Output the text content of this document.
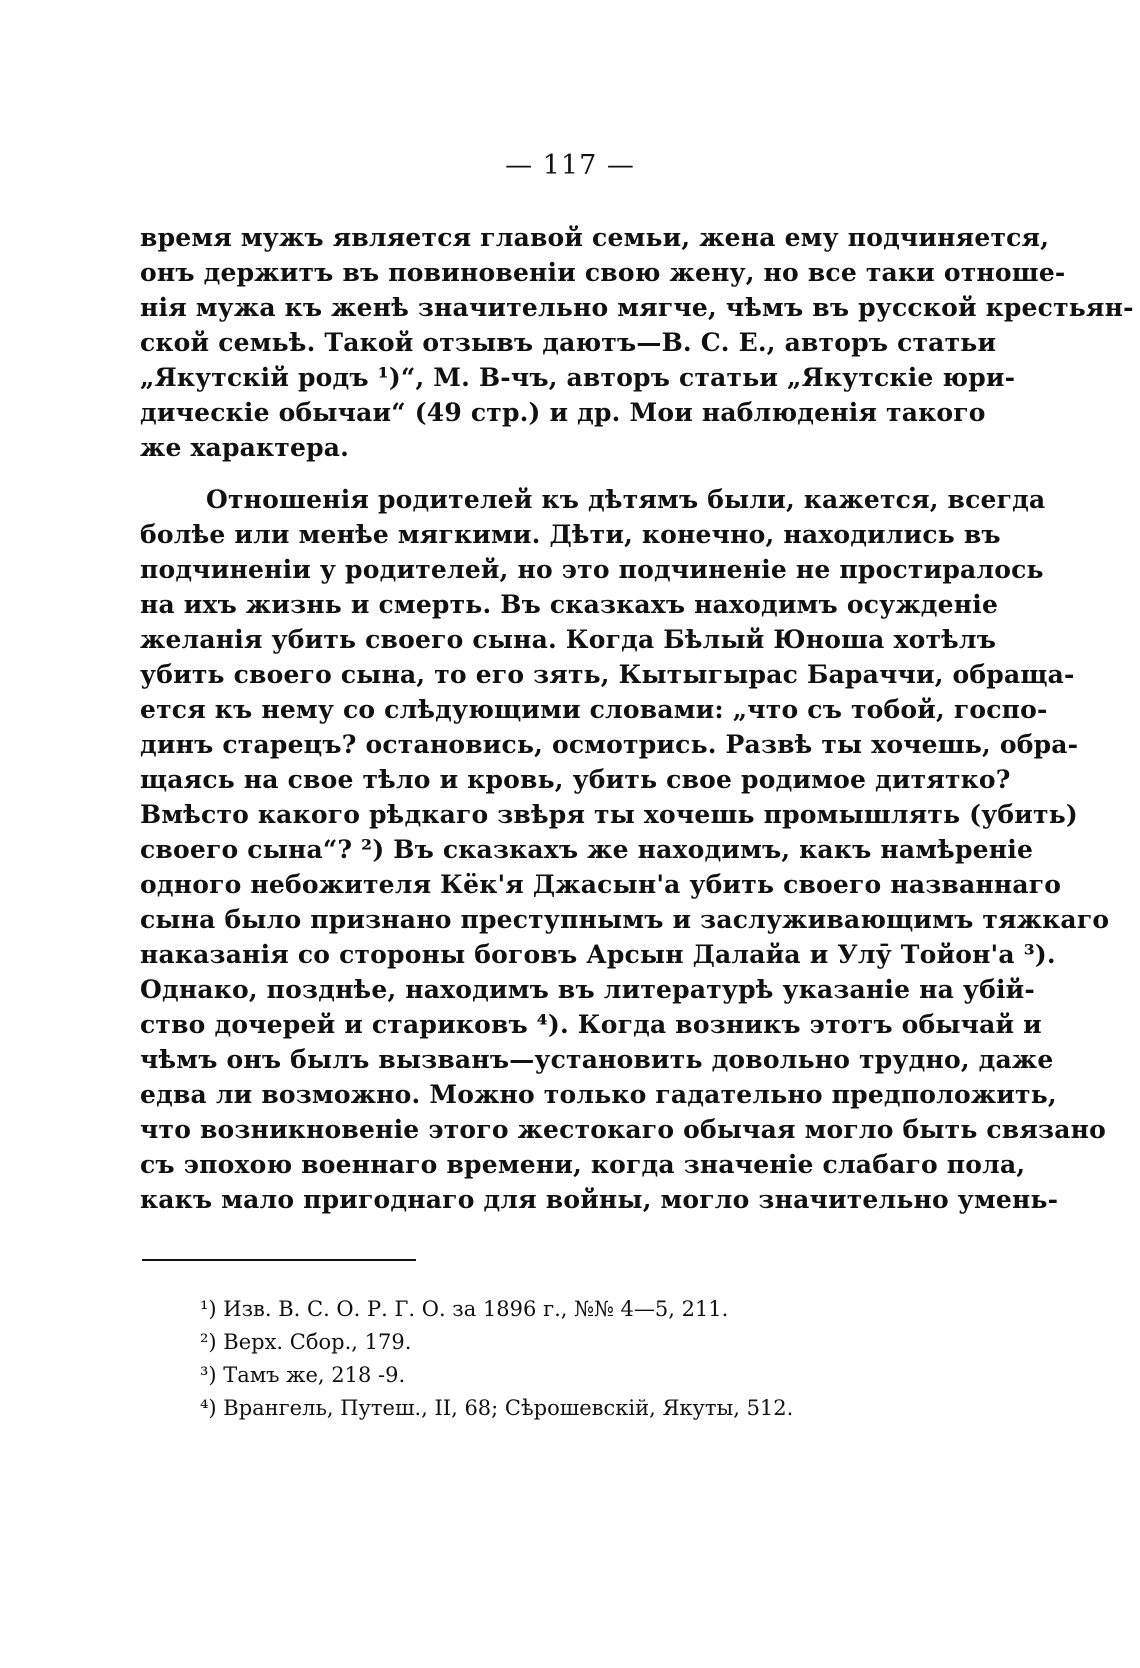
— 117 —
время мужъ является главой семьи, жена ему подчиняется,
онъ держитъ въ повиновеніи свою жену, но все таки отноше-
нія мужа къ женѣ значительно мягче, чѣмъ въ русской крестьян-
ской семьѣ. Такой отзывъ даютъ—В. С. Е., авторъ статьи
„Якутскій родъ ¹)“, М. В-чъ, авторъ статьи „Якутскіе юри-
дическіе обычаи“ (49 стр.) и др. Мои наблюденія такого
же характера.
Отношенія родителей къ дѣтямъ были, кажется, всегда
болѣе или менѣе мягкими. Дѣти, конечно, находились въ
подчиненіи у родителей, но это подчиненіе не простиралось
на ихъ жизнь и смерть. Въ сказкахъ находимъ осужденіе
желанія убить своего сына. Когда Бѣлый Юноша хотѣлъ
убить своего сына, то его зять, Кытыгырас Бараччи, обраща-
ется къ нему со слѣдующими словами: „что съ тобой, госпо-
динъ старецъ? остановись, осмотрись. Развѣ ты хочешь, обра-
щаясь на свое тѣло и кровь, убить свое родимое дитятко?
Вмѣсто какого рѣдкаго звѣря ты хочешь промышлять (убить)
своего сына“? ²) Въ сказкахъ же находимъ, какъ намѣреніе
одного небожителя Кёк'я Джасын'а убить своего названнаго
сына было признано преступнымъ и заслуживающимъ тяжкаго
наказанія со стороны боговъ Арсын Далайа и Улӯ Тойон'а ³).
Однако, позднѣе, находимъ въ литературѣ указаніе на убій-
ство дочерей и стариковъ ⁴). Когда возникъ этотъ обычай и
чѣмъ онъ былъ вызванъ—установить довольно трудно, даже
едва ли возможно. Можно только гадательно предположить,
что возникновеніе этого жестокаго обычая могло быть связано
съ эпохою военнаго времени, когда значеніе слабаго пола,
какъ мало пригоднаго для войны, могло значительно умень-
¹) Изв. В. С. О. Р. Г. О. за 1896 г., №№ 4—5, 211.
²) Верх. Сбор., 179.
³) Тамъ же, 218 -9.
⁴) Врангель, Путеш., II, 68; Сѣрошевскій, Якуты, 512.
